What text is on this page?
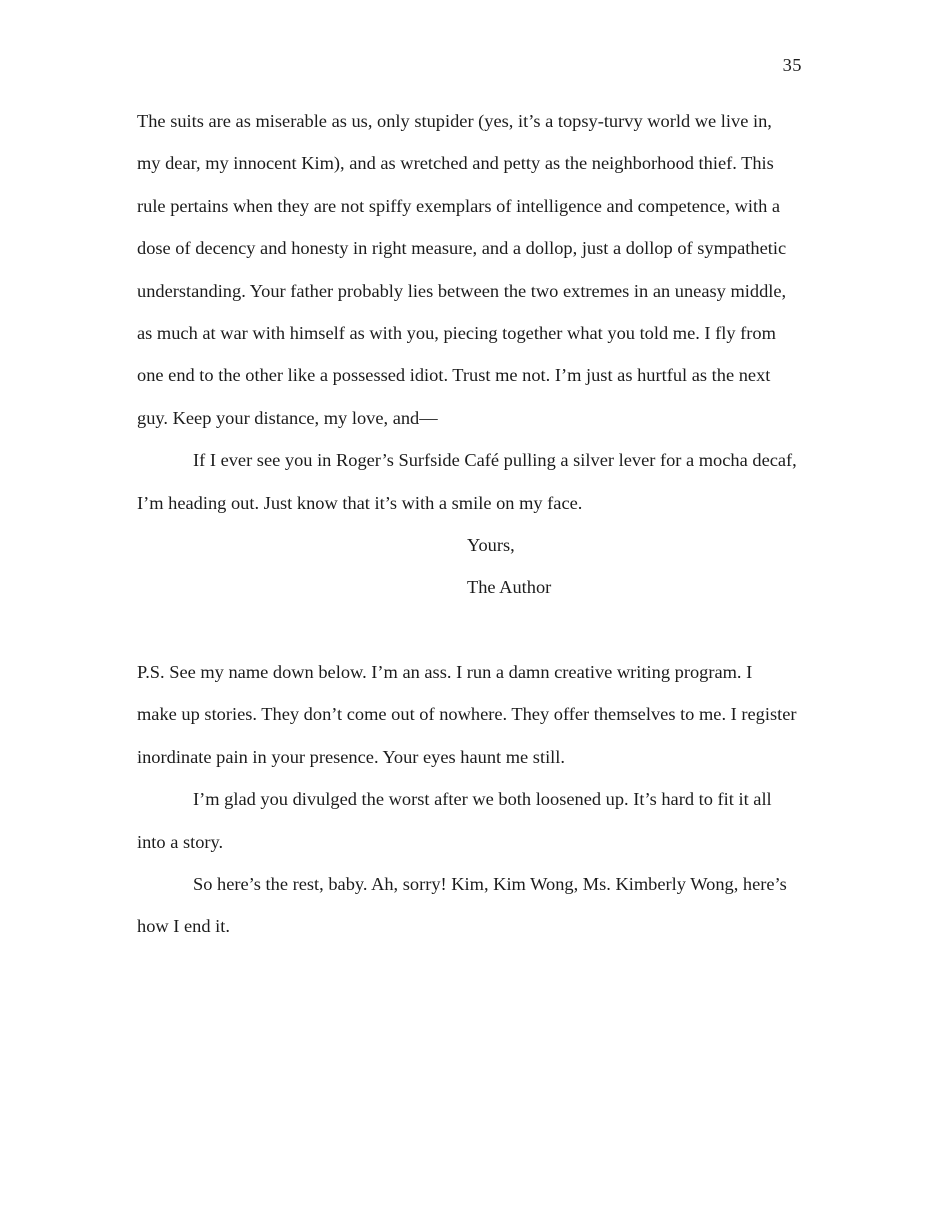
35
The suits are as miserable as us, only stupider (yes, it’s a topsy-turvy world we live in,
my dear, my innocent Kim), and as wretched and petty as the neighborhood thief. This
rule pertains when they are not spiffy exemplars of intelligence and competence, with a
dose of decency and honesty in right measure, and a dollop, just a dollop of sympathetic
understanding. Your father probably lies between the two extremes in an uneasy middle,
as much at war with himself as with you, piecing together what you told me. I fly from
one end to the other like a possessed idiot. Trust me not. I’m just as hurtful as the next
guy. Keep your distance, my love, and—
If I ever see you in Roger’s Surfside Café pulling a silver lever for a mocha decaf,
I’m heading out. Just know that it’s with a smile on my face.
Yours,
The Author
P.S. See my name down below. I’m an ass. I run a damn creative writing program. I
make up stories. They don’t come out of nowhere. They offer themselves to me. I register
inordinate pain in your presence. Your eyes haunt me still.
I’m glad you divulged the worst after we both loosened up. It’s hard to fit it all
into a story.
So here’s the rest, baby. Ah, sorry! Kim, Kim Wong, Ms. Kimberly Wong, here’s
how I end it.
